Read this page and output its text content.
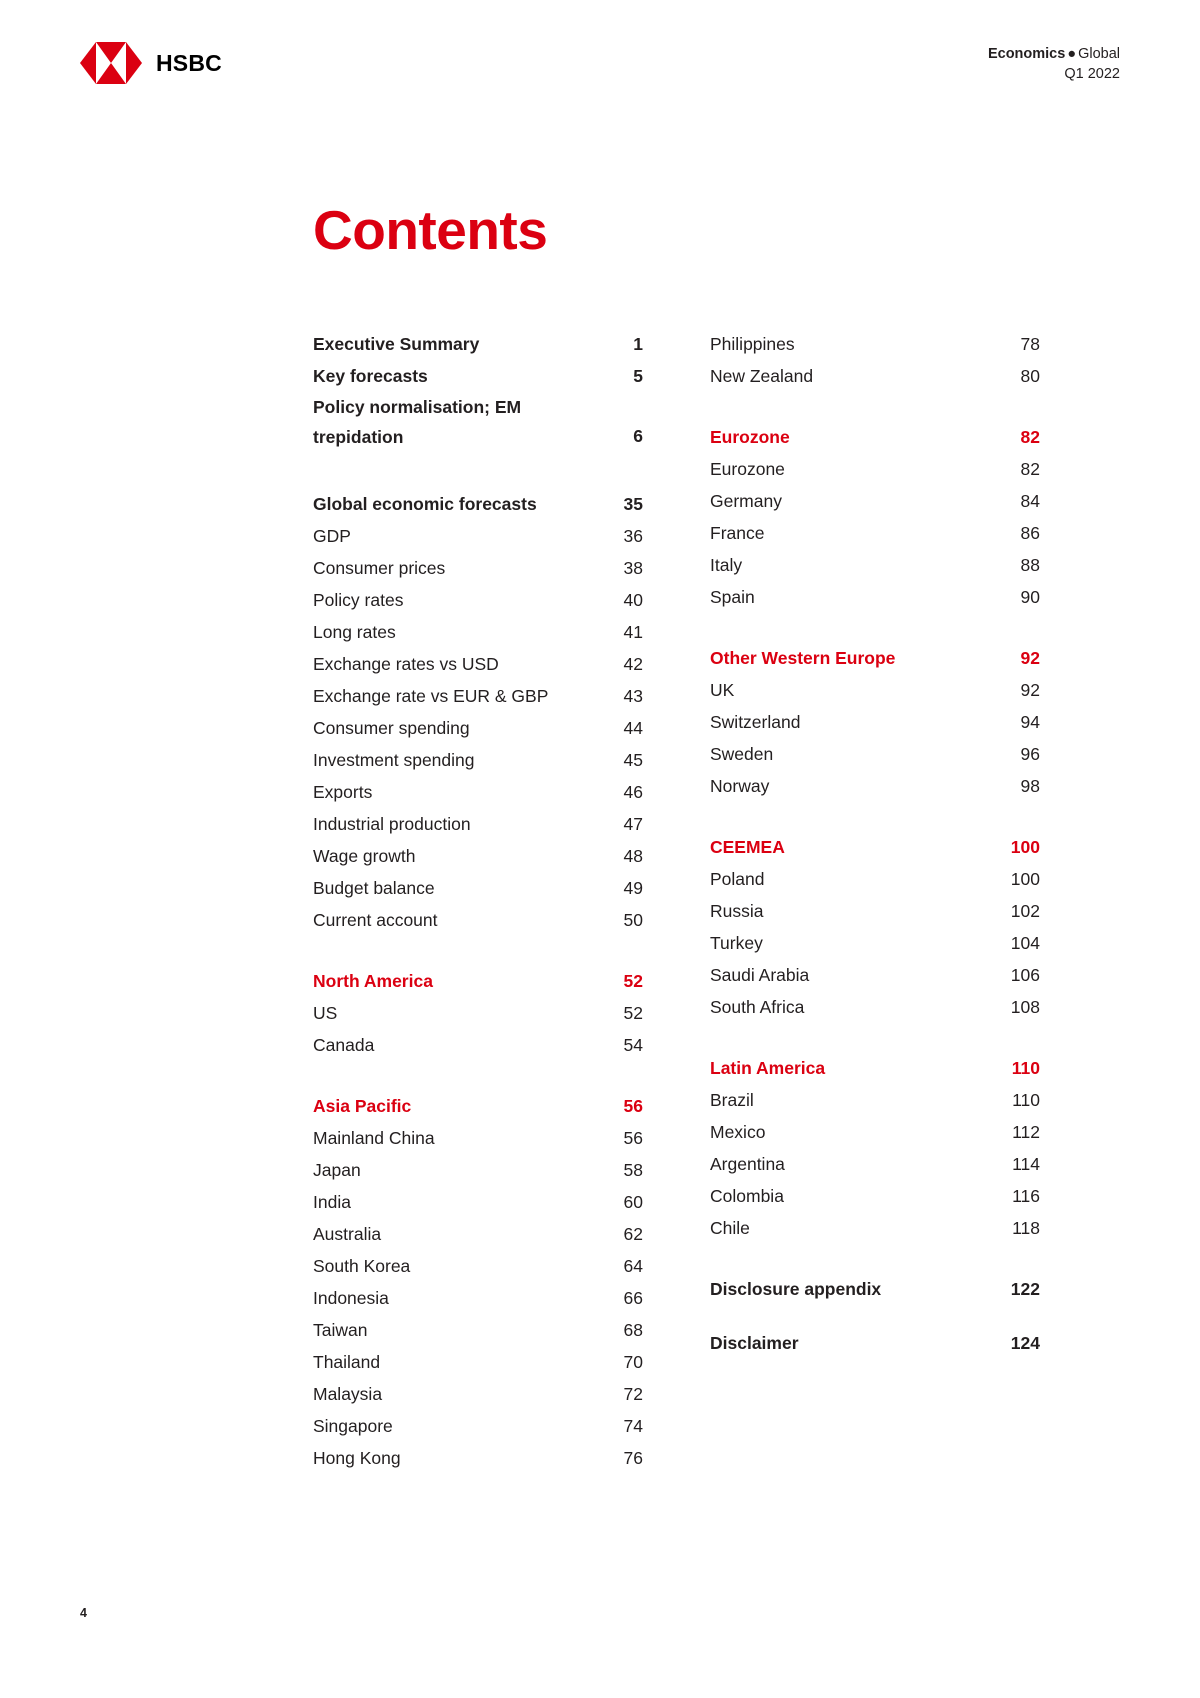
HSBC	Economics ● Global
Q1 2022
Contents
Executive Summary	1
Key forecasts	5
Policy normalisation; EM trepidation	6
Global economic forecasts	35
GDP	36
Consumer prices	38
Policy rates	40
Long rates	41
Exchange rates vs USD	42
Exchange rate vs EUR & GBP	43
Consumer spending	44
Investment spending	45
Exports	46
Industrial production	47
Wage growth	48
Budget balance	49
Current account	50
North America	52
US	52
Canada	54
Asia Pacific	56
Mainland China	56
Japan	58
India	60
Australia	62
South Korea	64
Indonesia	66
Taiwan	68
Thailand	70
Malaysia	72
Singapore	74
Hong Kong	76
Philippines	78
New Zealand	80
Eurozone	82
Eurozone	82
Germany	84
France	86
Italy	88
Spain	90
Other Western Europe	92
UK	92
Switzerland	94
Sweden	96
Norway	98
CEEMEA	100
Poland	100
Russia	102
Turkey	104
Saudi Arabia	106
South Africa	108
Latin America	110
Brazil	110
Mexico	112
Argentina	114
Colombia	116
Chile	118
Disclosure appendix	122
Disclaimer	124
4
